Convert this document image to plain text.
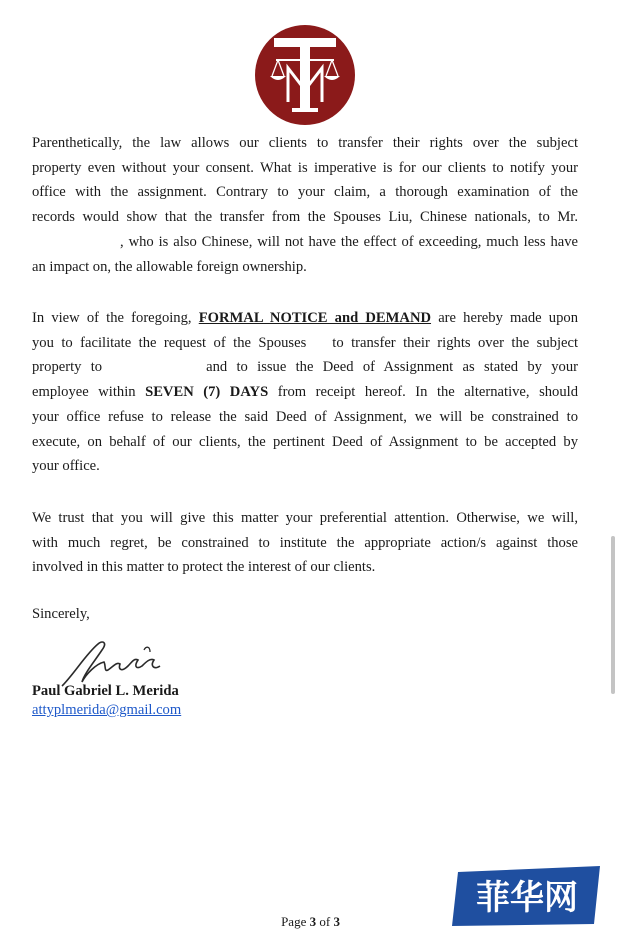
Parenthetically, the law allows our clients to transfer their rights over the subject
property even without your consent. What is imperative is for our clients to notify your
office with the assignment. Contrary to your claim, a thorough examination of the
records would show that the transfer from the Spouses Liu, Chinese nationals, to Mr.
, who is also Chinese, will not have the effect of exceeding, much less have
an impact on, the allowable foreign ownership.
In view of the foregoing, FORMAL NOTICE and DEMAND are hereby made upon
you to facilitate the request of the Spouses to transfer their rights over the subject
property to	and to issue the Deed of Assignment as stated by your
employee within SEVEN (7) DAYS from receipt hereof. In the alternative, should
your office refuse to release the said Deed of Assignment, we will be constrained to
execute, on behalf of our clients, the pertinent Deed of Assignment to be accepted by
your office.
We trust that you will give this matter your preferential attention. Otherwise, we will,
with much regret, be constrained to institute the appropriate action/s against those
involved in this matter to protect the interest of our clients.
Sincerely,
Paul Gabriel L. Merida
attyplmerida@gmail.com
Page 3 of 3
菲华网
